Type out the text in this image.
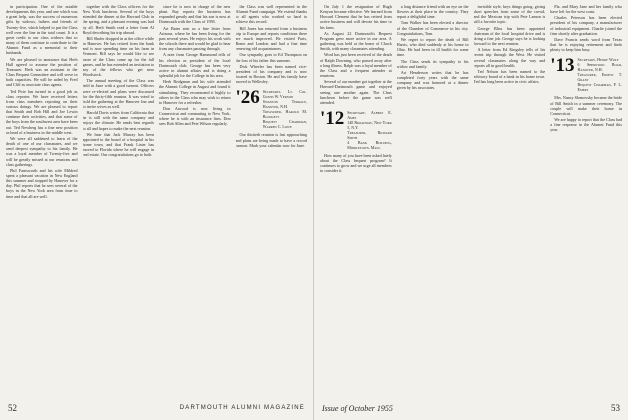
in participation. One of the notable developments this year, and one which was a great help, was the success of numerous gifts by widows, fathers and friends of Twenty-five, which helped to put the Class well over the line in the total count. It is a great credit to our class widows that so many of them continue to contribute to the Alumni Fund as a memorial to their husbands.

We are pleased to announce that Herb Hall agreed to assume the position of Treasurer. Herb was an assistant to the Class Bequest Committee and will serve in both capacities. He will be aided by Fred and Cliff as associate class agents.

Ted Pirie has turned in a good job as class reporter. We have received letters from class members reporting on their various doings. We are pleased to report that Smith and Bob Hill and Joe Lewin continue their activities, and that some of the boys from the southwest area have been out. Ted Newberg has a fine new position as head of a business in the middle west.

We were all saddened to learn of the death of one of our classmates, and we send deepest sympathy to his family. He was a loyal member of Twenty-five and will be greatly missed at our reunions and class gatherings.

Phil Farnsworth and his wife Mildred spent a pleasant vacation in New England this summer and stopped by Hanover for a day. Phil reports that he sees several of the boys in the New York area from time to time and that all are well.

together with the Class officers for the New York luncheon. Several of the boys attended the dinner at the Harvard Club in the spring, and a pleasant evening was had by all. Herb Smith read a letter from Al Boyd describing his trip abroad.

Bill Shafer dropped in at the office while in Hanover. He has retired from the bank and is now spending time on his farm in Vermont. Bill says he would like to see more of the Class come up for the fall games, and he has extended an invitation to any of the fellows who get near Woodstock.

The annual meeting of the Class was held in June with a good turnout. Officers were re-elected and plans were discussed for the thirty-fifth reunion. It was voted to hold the gathering at the Hanover Inn and to invite wives as well.

Harold Davis writes from California that he is still with the same company and enjoys the climate. He sends best regards to all and hopes to make the next reunion.

We hear that Jack Murray has been appointed to the board of a hospital in his home town, and that Frank Lister has moved to Florida where he will engage in real estate. Our congratulations go to both.

since he is now in charge of the new plant. Ray reports the business has expanded greatly and that his son is now at Dartmouth with the Class of 1958.

Art Bates sent us a fine letter from Arizona, where he has been living for the past several years. He enjoys his work with the schools there and would be glad to hear from any classmates passing through.

A note from George Hammond tells of his election as president of the local Dartmouth club. George has been very active in alumni affairs and is doing a splendid job for the College in his area.

Herb Bridgman and his wife attended the Alumni College in August and found it stimulating. They recommend it highly to others in the Class who may wish to return to Hanover for a refresher.

Don Atwood is now living in Connecticut and commuting to New York, where he is with an insurance firm. Don sees Bob Allen and Pete Wilson regularly.

the Class was well represented in the Alumni Fund campaign. We extend thanks to all agents who worked so hard to achieve this record.

Bill Jones has returned from a business trip to Europe and reports conditions there are much improved. He visited Paris, Rome and London and had a fine time renewing old acquaintances.

Our sympathy goes to Ed Thompson on the loss of his father this summer.

Dick Wheeler has been named vice-president of his company and is now located in Boston. He and his family have moved to Wellesley.

'26 Secretary, Lt. Col. Glenn W. Vernon
Swanton Terrace, Hanover, N.H.
Treasurer, Harold M. Blodgett
Bequest Chairman, Warren C. Lowe

Our thirtieth reunion is fast approaching and plans are being made to have a record turnout. Mark your calendar now for June.

52	DARTMOUTH ALUMNI MAGAZINE

On July 1 the resignation of Hugh Kenyon became effective. We learned from Howard Clement that he has retired from active business and will devote his time to his farm.

As August 22 Dartmouth's Bequest Program grew more active in our area. A gathering was held at the home of Chuck Smith, with many classmates attending.

Word has just been received of the death of Ralph Downing, who passed away after a long illness. Ralph was a loyal member of the Class and a frequent attender at reunions.

Several of our number got together at the Harvard-Dartmouth game and enjoyed seeing one another again. The Class luncheon before the game was well attended.

'12 Secretary, Albert E. Ames
140 Broadway, New York 5, N.Y.
Treasurer, Richard Smith
4 Bank Building, Middletown, Mass.

How many of you have been asked lately about the Class bequest program? It continues to grow and we urge all members to consider it.

a long distance friend with an eye on the flowers at their place in the country. They report a delightful time.

Tom Walker has been elected a director of the Chamber of Commerce in his city. Congratulations, Tom.

We regret to report the death of Bill Harris, who died suddenly at his home in Ohio. He had been in ill health for some time.

The Class sends its sympathy to his widow and family.

Art Henderson writes that he has completed forty years with the same company and was honored at a dinner given by his associates.

invisible style, keys things going, giving short speeches from some of the crowd, and the Mexican trip with Pete Lamon is still a favorite topic.

George Bliss has been appointed chairman of the local hospital drive and is doing a fine job. George says he is looking forward to the next reunion.

A letter from Ed Kingsley tells of his recent trip through the West. He visited several classmates along the way and reports all in good health.

Ted Nelson has been named to the advisory board of a bank in his home town. Ted has long been active in civic affairs.

Fla. and Mary Jane and her family who have left for the west coast.

Charles Peterson has been elected president of his company, a manufacturer of industrial equipment. Charlie joined the firm shortly after graduation.

Dave Francis sends word from Texas that he is enjoying retirement and finds plenty to keep him busy.

'13 Secretary, Henry Wolf
6 Sherwood Road, Hanover, N.H.
Treasurer, Ernest T. Grant
Bequest Chairman, F. L. Emery

Mrs. Nancy Slomovsky became the bride of Bill Smith in a summer ceremony. The couple will make their home in Connecticut.

We are happy to report that the Class had a fine response in the Alumni Fund this year.

Issue of October 1955	53
